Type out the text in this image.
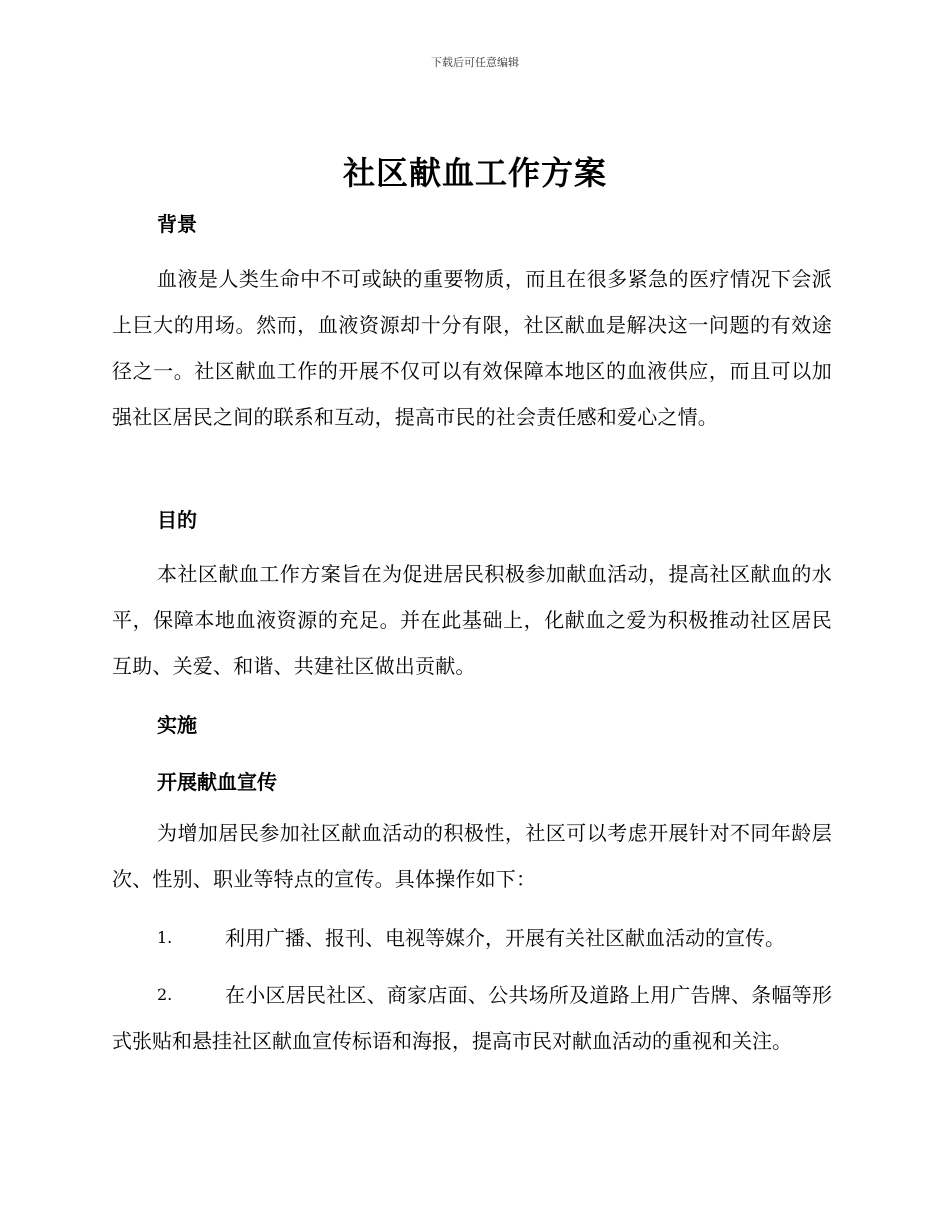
下载后可任意编辑
社区献血工作方案
背景
血液是人类生命中不可或缺的重要物质，而且在很多紧急的医疗情况下会派上巨大的用场。然而，血液资源却十分有限，社区献血是解决这一问题的有效途径之一。社区献血工作的开展不仅可以有效保障本地区的血液供应，而且可以加强社区居民之间的联系和互动，提高市民的社会责任感和爱心之情。
目的
本社区献血工作方案旨在为促进居民积极参加献血活动，提高社区献血的水平，保障本地血液资源的充足。并在此基础上，化献血之爱为积极推动社区居民互助、关爱、和谐、共建社区做出贡献。
实施
开展献血宣传
为增加居民参加社区献血活动的积极性，社区可以考虑开展针对不同年龄层次、性别、职业等特点的宣传。具体操作如下：
1.	利用广播、报刊、电视等媒介，开展有关社区献血活动的宣传。
2.	在小区居民社区、商家店面、公共场所及道路上用广告牌、条幅等形式张贴和悬挂社区献血宣传标语和海报，提高市民对献血活动的重视和关注。
